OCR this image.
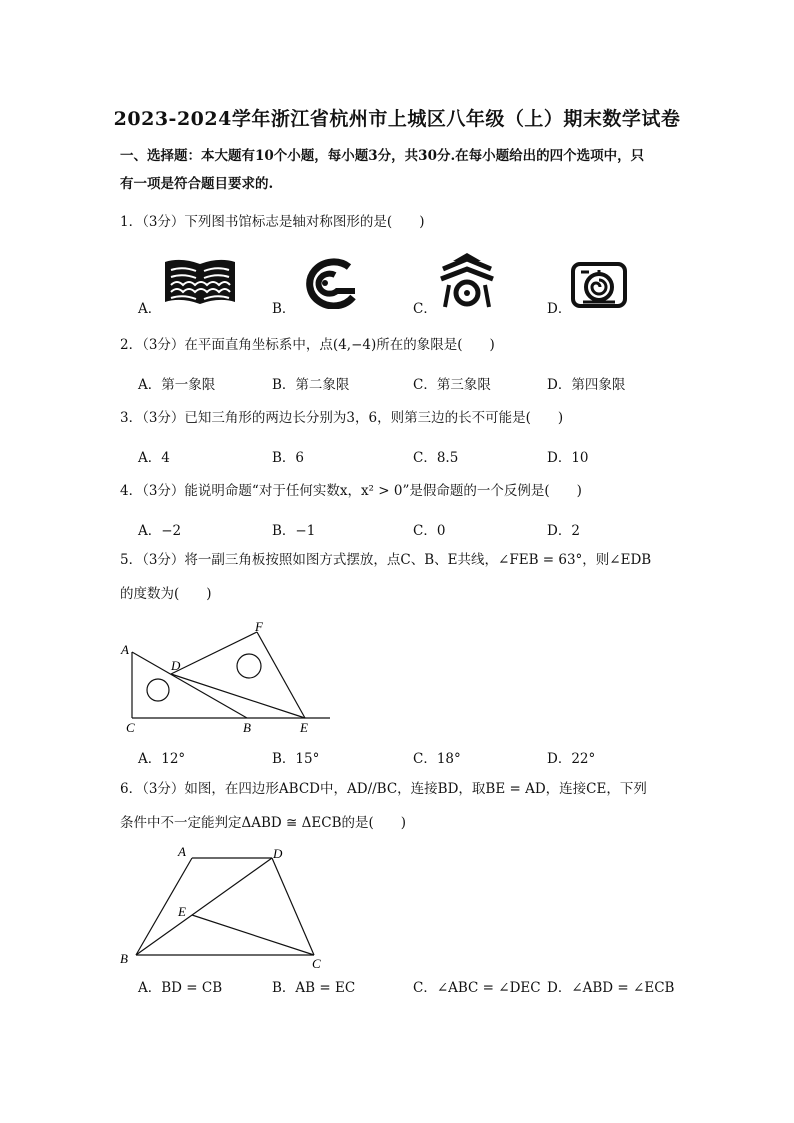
2023-2024学年浙江省杭州市上城区八年级（上）期末数学试卷
一、选择题：本大题有10个小题，每小题3分，共30分.在每小题给出的四个选项中，只
有一项是符合题目要求的.
1．（3分）下列图书馆标志是轴对称图形的是(　　)
A．	B．	C．	D．
2．（3分）在平面直角坐标系中，点(4,−4)所在的象限是(　　)
A．第一象限	B．第二象限	C．第三象限	D．第四象限
3．（3分）已知三角形的两边长分别为3，6，则第三边的长不可能是(　　)
A．4	B．6	C．8.5	D．10
4．（3分）能说明命题“对于任何实数x，x² > 0”是假命题的一个反例是(　　)
A．−2	B．−1	C．0	D．2
5．（3分）将一副三角板按照如图方式摆放，点C、B、E共线，∠FEB = 63°，则∠EDB
的度数为(　　)
A
C
D
B	E
F
A．12°	B．15°	C．18°	D．22°
6．（3分）如图，在四边形ABCD中，AD//BC，连接BD，取BE = AD，连接CE，下列
条件中不一定能判定ΔABD ≅ ΔECB的是(　　)
A	D
E
B	C
A．BD = CB	B．AB = EC	C．∠ABC = ∠DEC D．∠ABD = ∠ECB
